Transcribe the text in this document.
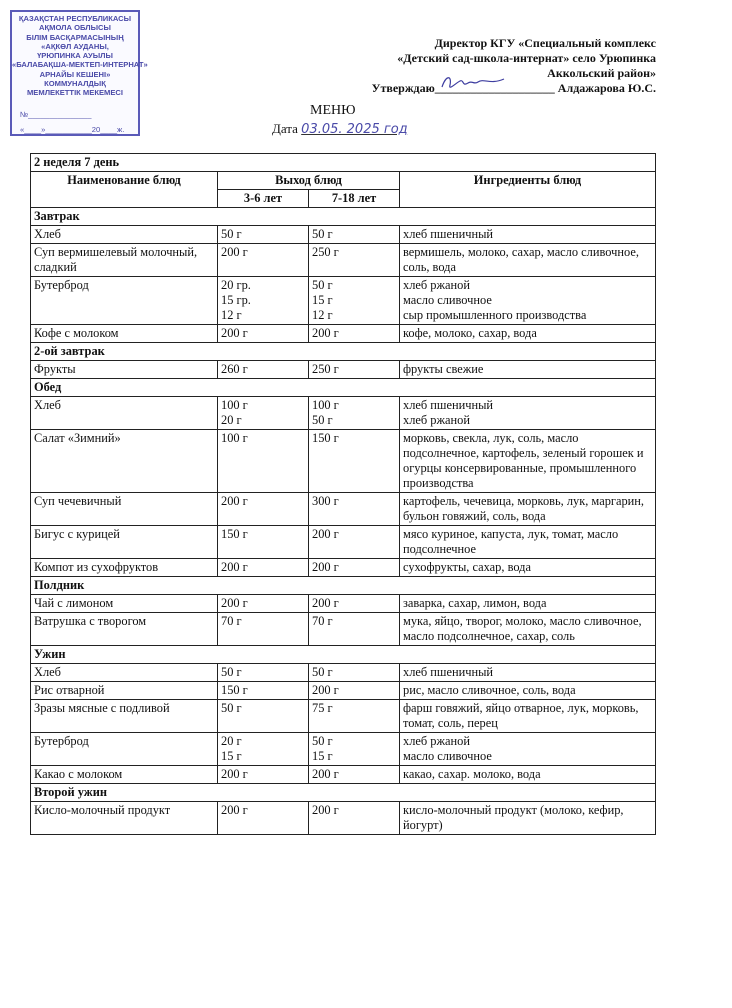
ҚАЗАҚСТАН РЕСПУБЛИКАСЫ
АҚМОЛА ОБЛЫСЫ
БІЛІМ БАСҚАРМАСЫНЫҢ
«АҚКӨЛ АУДАНЫ,
ҮРЮПИНКА АУЫЛЫ
«БАЛАБАҚША-МЕКТЕП-ИНТЕРНАТ»
АРНАЙЫ КЕШЕНІ»
КОММУНАЛДЫҚ
МЕМЛЕКЕТТІК МЕКЕМЕСІ
№_______________
«____»___________20____ж.
Директор КГУ «Специальный комплекс
«Детский сад-школа-интернат» село Урюпинка
Аккольский район»
Утверждаю____________________ Алдажарова Ю.С.
МЕНЮ
Дата 03.05. 2025 год
2 неделя 7 день			
Наименование блюд	Выход блюд		Ингредиенты блюд
	3-6 лет	7-18 лет	
Завтрак			
Хлеб	50 г	50 г	хлеб пшеничный
Суп вермишелевый молочный, сладкий	200 г	250 г	вермишель, молоко, сахар, масло сливочное, соль, вода
Бутерброд	20 гр.
15 гр.
12 г	50 г
15 г
12 г	хлеб ржаной
масло сливочное
сыр промышленного производства
Кофе с молоком	200 г	200 г	кофе, молоко, сахар, вода
2-ой завтрак			
Фрукты	260 г	250 г	фрукты свежие
Обед			
Хлеб	100 г
20 г	100 г
50 г	хлеб пшеничный
хлеб ржаной
Салат «Зимний»	100 г	150 г	морковь, свекла, лук, соль, масло подсолнечное, картофель, зеленый горошек и огурцы консервированные, промышленного производства
Суп чечевичный	200 г	300 г	картофель, чечевица, морковь, лук, маргарин, бульон говяжий, соль, вода
Бигус с курицей	150 г	200 г	мясо куриное, капуста, лук, томат, масло подсолнечное
Компот из сухофруктов	200 г	200 г	сухофрукты, сахар, вода
Полдник			
Чай с лимоном	200 г	200 г	заварка, сахар, лимон, вода
Ватрушка с творогом	70 г	70 г	мука, яйцо, творог, молоко, масло сливочное, масло подсолнечное, сахар, соль
Ужин			
Хлеб	50 г	50 г	хлеб пшеничный
Рис отварной	150 г	200 г	рис, масло сливочное, соль, вода
Зразы мясные с подливой	50 г	75 г	фарш говяжий, яйцо отварное, лук, морковь, томат, соль, перец
Бутерброд	20 г
15 г	50 г
15 г	хлеб ржаной
масло сливочное
Какао с молоком	200 г	200 г	какао, сахар. молоко, вода
Второй ужин			
Кисло-молочный продукт	200 г	200 г	кисло-молочный продукт (молоко, кефир, йогурт)
